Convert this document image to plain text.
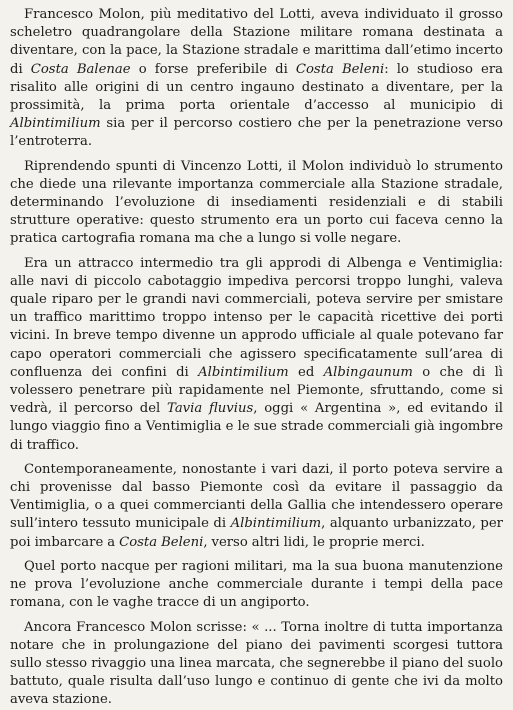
Francesco Molon, più meditativo del Lotti, aveva individuato il grosso scheletro quadrangolare della Stazione militare romana destinata a diventare, con la pace, la Stazione stradale e marittima dall’etimo incerto di Costa Balenae o forse preferibile di Costa Beleni: lo studioso era risalito alle origini di un centro ingauno destinato a diventare, per la prossimità, la prima porta orientale d’accesso al municipio di Albintimilium sia per il percorso costiero che per la penetrazione verso l’entroterra.

Riprendendo spunti di Vincenzo Lotti, il Molon individuò lo strumento che diede una rilevante importanza commerciale alla Stazione stradale, determinando l’evoluzione di insediamenti residenziali e di stabili strutture operative: questo strumento era un porto cui faceva cenno la pratica cartografia romana ma che a lungo si volle negare.

Era un attracco intermedio tra gli approdi di Albenga e Ventimiglia: alle navi di piccolo cabotaggio impediva percorsi troppo lunghi, valeva quale riparo per le grandi navi commerciali, poteva servire per smistare un traffico marittimo troppo intenso per le capacità ricettive dei porti vicini. In breve tempo divenne un approdo ufficiale al quale potevano far capo operatori commerciali che agissero specificatamente sull’area di confluenza dei confini di Albintimilium ed Albingaunum o che di lì volessero penetrare più rapidamente nel Piemonte, sfruttando, come si vedrà, il percorso del Tavia fluvius, oggi « Argentina », ed evitando il lungo viaggio fino a Ventimiglia e le sue strade commerciali già ingombre di traffico.

Contemporaneamente, nonostante i vari dazi, il porto poteva servire a chi provenisse dal basso Piemonte così da evitare il passaggio da Ventimiglia, o a quei commercianti della Gallia che intendessero operare sull’intero tessuto municipale di Albintimilium, alquanto urbanizzato, per poi imbarcare a Costa Beleni, verso altri lidi, le proprie merci.

Quel porto nacque per ragioni militari, ma la sua buona manutenzione ne prova l’evoluzione anche commerciale durante i tempi della pace romana, con le vaghe tracce di un angiporto.

Ancora Francesco Molon scrisse: « ... Torna inoltre di tutta importanza notare che in prolungazione del piano dei pavimenti scorgesi tuttora sullo stesso rivaggio una linea marcata, che segnerebbe il piano del suolo battuto, quale risulta dall’uso lungo e continuo di gente che ivi da molto aveva stazione.
